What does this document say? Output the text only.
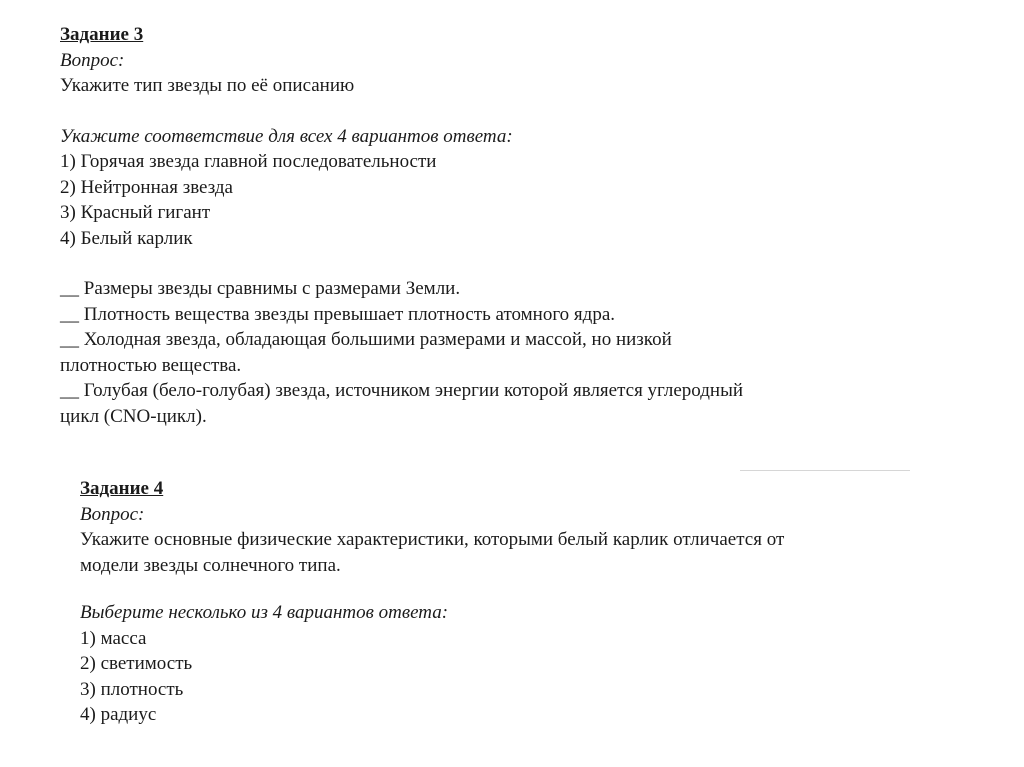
Задание 3
Вопрос:
Укажите тип звезды по её описанию
Укажите соответствие для всех 4 вариантов ответа:
1) Горячая звезда главной последовательности
2) Нейтронная звезда
3) Красный гигант
4) Белый карлик
__ Размеры звезды сравнимы с размерами Земли.
__ Плотность вещества звезды превышает плотность атомного ядра.
__ Холодная звезда, обладающая большими размерами и массой, но низкой
плотностью вещества.
__ Голубая (бело-голубая) звезда, источником энергии которой является углеродный
цикл (CNO-цикл).
Задание 4
Вопрос:
Укажите основные физические характеристики, которыми белый карлик отличается от
модели звезды солнечного типа.
Выберите несколько из 4 вариантов ответа:
1) масса
2) светимость
3) плотность
4) радиус
